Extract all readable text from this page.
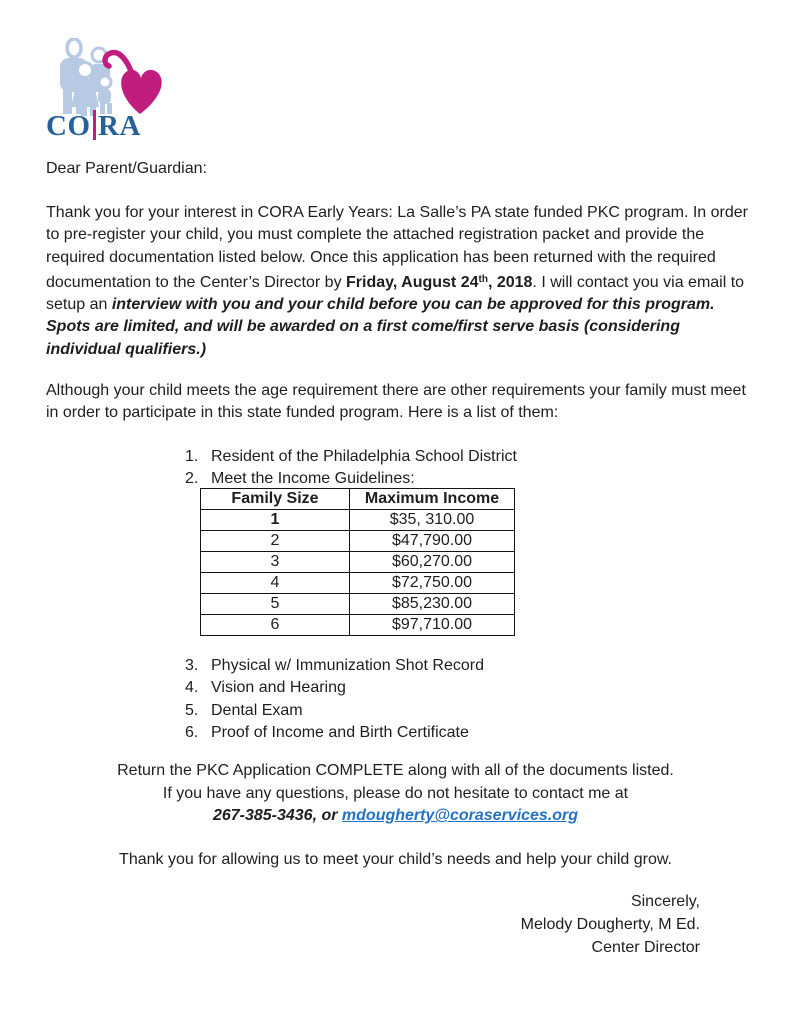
CO RA
Dear Parent/Guardian:
Thank you for your interest in CORA Early Years: La Salle’s PA state funded PKC program. In order to pre-register your child, you must complete the attached registration packet and provide the required documentation listed below. Once this application has been returned with the required documentation to the Center’s Director by Friday, August 24th, 2018. I will contact you via email to setup an interview with you and your child before you can be approved for this program. Spots are limited, and will be awarded on a first come/first serve basis (considering individual qualifiers.)
Although your child meets the age requirement there are other requirements your family must meet in order to participate in this state funded program. Here is a list of them:
1. Resident of the Philadelphia School District
2. Meet the Income Guidelines:
Family Size	Maximum Income
1	$35, 310.00
2	$47,790.00
3	$60,270.00
4	$72,750.00
5	$85,230.00
6	$97,710.00
3. Physical w/ Immunization Shot Record
4. Vision and Hearing
5. Dental Exam
6. Proof of Income and Birth Certificate
Return the PKC Application COMPLETE along with all of the documents listed.
If you have any questions, please do not hesitate to contact me at
267-385-3436, or mdougherty@coraservices.org
Thank you for allowing us to meet your child’s needs and help your child grow.
Sincerely,
Melody Dougherty, M Ed.
Center Director
